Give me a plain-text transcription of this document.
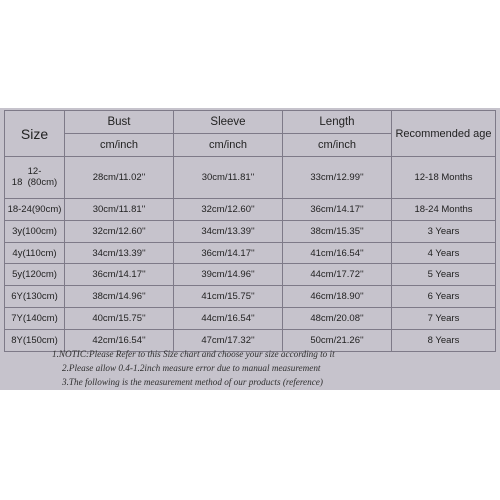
Size	Bust	Sleeve	Length	Recommended age
	cm/inch	cm/inch	cm/inch	
12-18  (80cm)	28cm/11.02''	30cm/11.81''	33cm/12.99''	12-18 Months
18-24(90cm)	30cm/11.81''	32cm/12.60''	36cm/14.17''	18-24 Months
3y(100cm)	32cm/12.60''	34cm/13.39''	38cm/15.35''	3 Years
4y(110cm)	34cm/13.39''	36cm/14.17''	41cm/16.54''	4 Years
5y(120cm)	36cm/14.17''	39cm/14.96''	44cm/17.72''	5 Years
6Y(130cm)	38cm/14.96''	41cm/15.75''	46cm/18.90''	6 Years
7Y(140cm)	40cm/15.75''	44cm/16.54''	48cm/20.08''	7 Years
8Y(150cm)	42cm/16.54''	47cm/17.32''	50cm/21.26''	8 Years
1.NOTIC:Please Refer to this Size chart and choose your size according to it
2.Please allow 0.4-1.2inch measure error due to manual measurement
3.The following is the measurement method of our products (reference)
